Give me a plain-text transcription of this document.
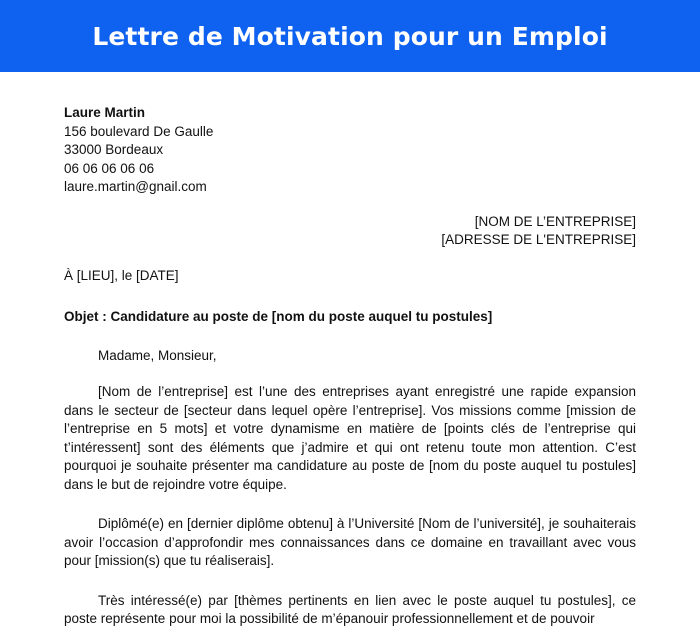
Lettre de Motivation pour un Emploi
Laure Martin
156 boulevard De Gaulle
33000 Bordeaux
06 06 06 06 06
laure.martin@gnail.com
[NOM DE L’ENTREPRISE]
[ADRESSE DE L'ENTREPRISE]
À [LIEU], le [DATE]
Objet : Candidature au poste de [nom du poste auquel tu postules]
Madame, Monsieur,
[Nom de l’entreprise] est l’une des entreprises ayant enregistré une rapide expansion dans le secteur de [secteur dans lequel opère l’entreprise]. Vos missions comme [mission de l’entreprise en 5 mots] et votre dynamisme en matière de [points clés de l’entreprise qui t’intéressent] sont des éléments que j’admire et qui ont retenu toute mon attention. C’est pourquoi je souhaite présenter ma candidature au poste de [nom du poste auquel tu postules] dans le but de rejoindre votre équipe.
Diplômé(e) en [dernier diplôme obtenu] à l’Université [Nom de l’université], je souhaiterais avoir l’occasion d’approfondir mes connaissances dans ce domaine en travaillant avec vous pour [mission(s) que tu réaliserais].
Très intéressé(e) par [thèmes pertinents en lien avec le poste auquel tu postules], ce poste représente pour moi la possibilité de m’épanouir professionnellement et de pouvoir
